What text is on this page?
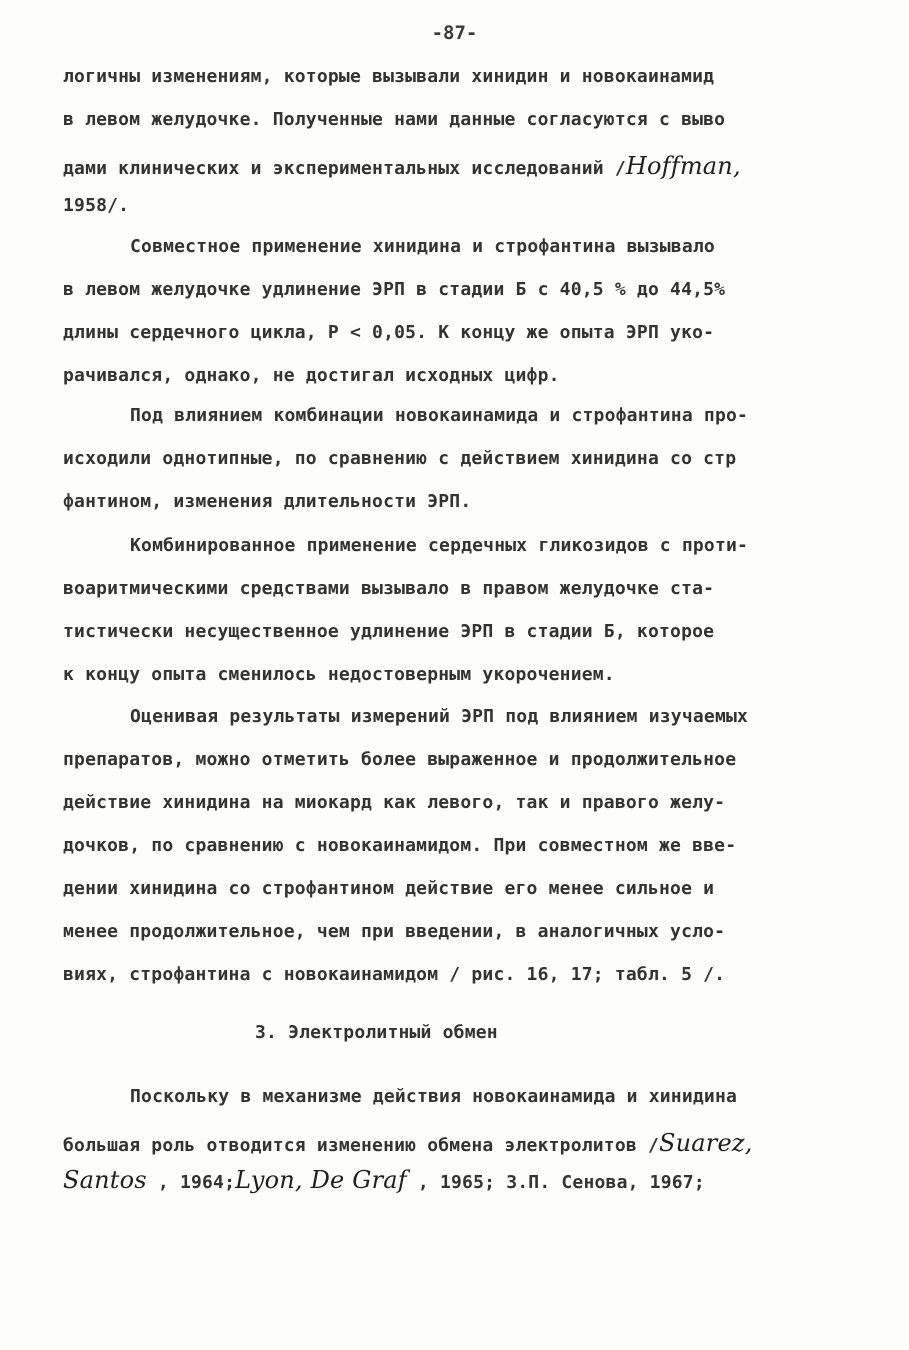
-87-
логичны изменениям, которые вызывали хинидин и новокаинамид
в левом желудочке. Полученные нами данные согласуются с выво
дами клинических и экспериментальных исследований /Hoffman,
1958/.
Совместное применение хинидина и строфантина вызывало
в левом желудочке удлинение ЭРП в стадии Б с 40,5 % до 44,5%
длины сердечного цикла, Р < 0,05. К концу же опыта ЭРП уко-
рачивался, однако, не достигал исходных цифр.
Под влиянием комбинации новокаинамида и строфантина про-
исходили однотипные, по сравнению с действием хинидина со стр
фантином, изменения длительности ЭРП.
Комбинированное применение сердечных гликозидов с проти-
воаритмическими средствами вызывало в правом желудочке ста-
тистически несущественное удлинение ЭРП в стадии Б, которое
к концу опыта сменилось недостоверным укорочением.
Оценивая результаты измерений ЭРП под влиянием изучаемых
препаратов, можно отметить более выраженное и продолжительное
действие хинидина на миокард как левого, так и правого желу-
дочков, по сравнению с новокаинамидом. При совместном же вве-
дении хинидина со строфантином действие его менее сильное и
менее продолжительное, чем при введении, в аналогичных усло-
виях, строфантина с новокаинамидом / рис. 16, 17; табл. 5 /.
3. Электролитный обмен
Поскольку в механизме действия новокаинамида и хинидина
большая роль отводится изменению обмена электролитов /Suarez,
Santos , 1964;Lyon, De Graf , 1965; З.П. Сенова, 1967;
